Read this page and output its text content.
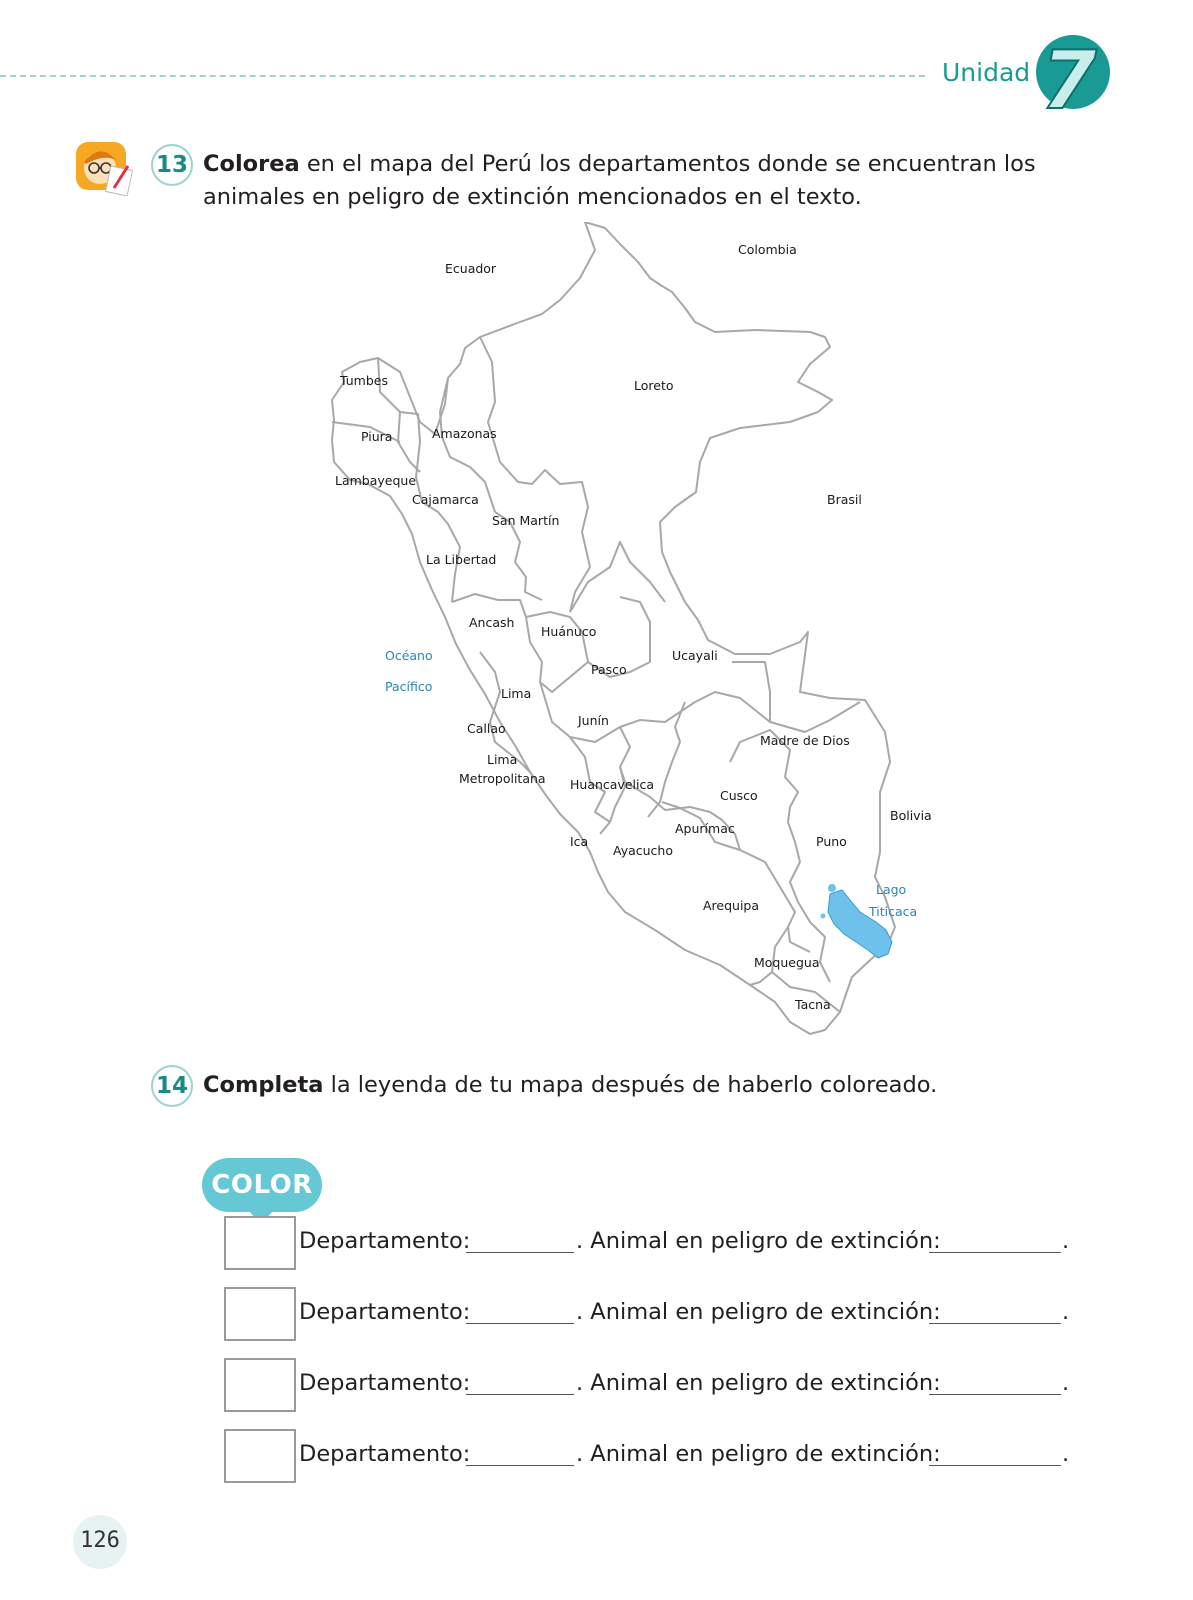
Unidad 7
13 Colorea en el mapa del Perú los departamentos donde se encuentran los
animales en peligro de extinción mencionados en el texto.
Colombia
Ecuador
Brasil
Bolivia
Tumbes
Piura
Lambayeque
Amazonas
Cajamarca
Loreto
San Martín
La Libertad
Ancash
Huánuco
Pasco
Ucayali
Lima
Junín
Callao
Lima
Metropolitana
Madre de Dios
Huancavelica
Cusco
Apurímac
Ica
Ayacucho
Puno
Arequipa
Moquegua
Tacna
Océano
Pacífico
Lago
Titicaca
14 Completa la leyenda de tu mapa después de haberlo coloreado.
COLOR
Departamento:	. Animal en peligro de extinción:	.
Departamento:	. Animal en peligro de extinción:	.
Departamento:	. Animal en peligro de extinción:	.
Departamento:	. Animal en peligro de extinción:	.
126
